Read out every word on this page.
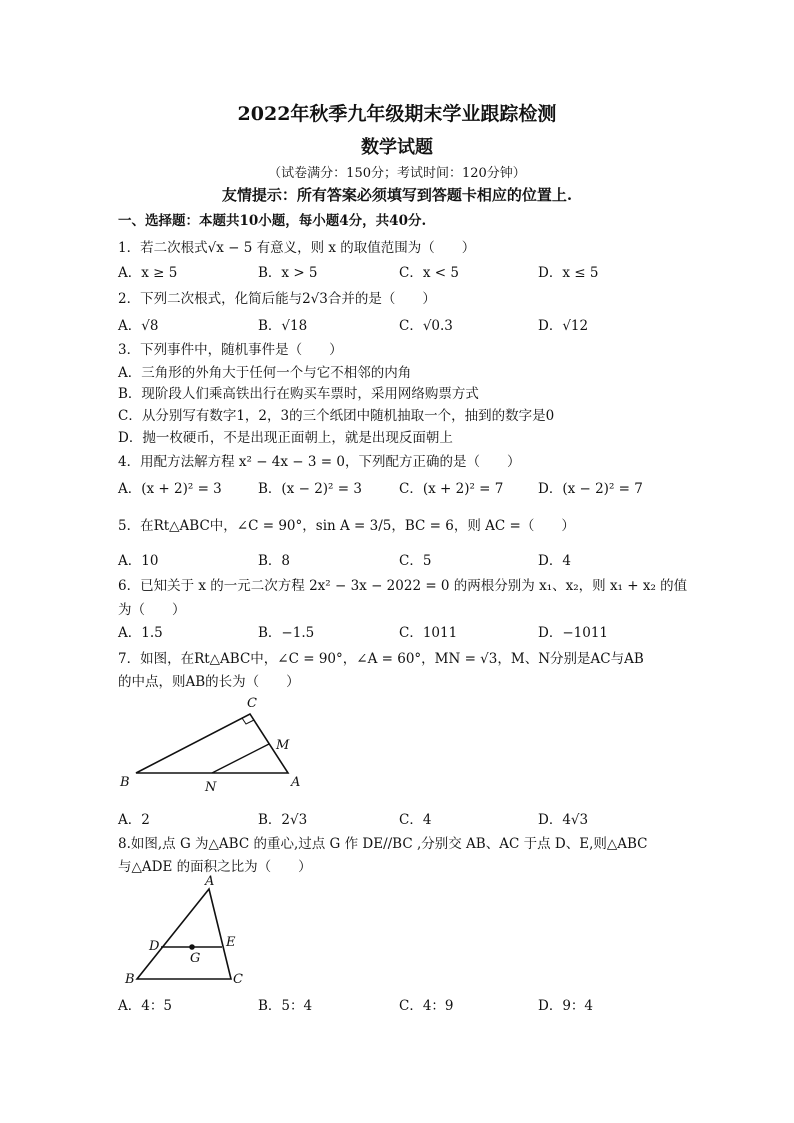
2022年秋季九年级期末学业跟踪检测
数学试题
（试卷满分：150分；考试时间：120分钟）
友情提示：所有答案必须填写到答题卡相应的位置上.
一、选择题：本题共10小题，每小题4分，共40分.
1．若二次根式√x − 5 有意义，则 x 的取值范围为（　　）
A．x ≥ 5	B．x > 5	C．x < 5	D．x ≤ 5
2．下列二次根式，化简后能与2√3合并的是（　　）
A．√8	B．√18	C．√0.3	D．√12
3．下列事件中，随机事件是（　　）
A．三角形的外角大于任何一个与它不相邻的内角
B．现阶段人们乘高铁出行在购买车票时，采用网络购票方式
C．从分别写有数字1，2，3的三个纸团中随机抽取一个，抽到的数字是0
D．抛一枚硬币，不是出现正面朝上，就是出现反面朝上
4．用配方法解方程 x² − 4x − 3 = 0，下列配方正确的是（　　）
A．(x + 2)² = 3	B．(x − 2)² = 3	C．(x + 2)² = 7	D．(x − 2)² = 7
5．在Rt△ABC中，∠C = 90°，sin A = 3/5，BC = 6，则 AC =（　　）
A．10	B．8	C．5	D．4
6．已知关于 x 的一元二次方程 2x² − 3x − 2022 = 0 的两根分别为 x₁、x₂，则 x₁ + x₂ 的值
为（　　）
A．1.5	B．−1.5	C．1011	D．−1011
7．如图，在Rt△ABC中，∠C = 90°，∠A = 60°，MN = √3，M、N分别是AC与AB
的中点，则AB的长为（　　）
C
M
B	N	A
A．2	B．2√3	C．4	D．4√3
8.如图,点 G 为△ABC 的重心,过点 G 作 DE//BC ,分别交 AB、AC 于点 D、E,则△ABC
与△ADE 的面积之比为（　　）
A
D	E
G
B	C
A．4：5	B．5：4	C．4：9	D．9：4
